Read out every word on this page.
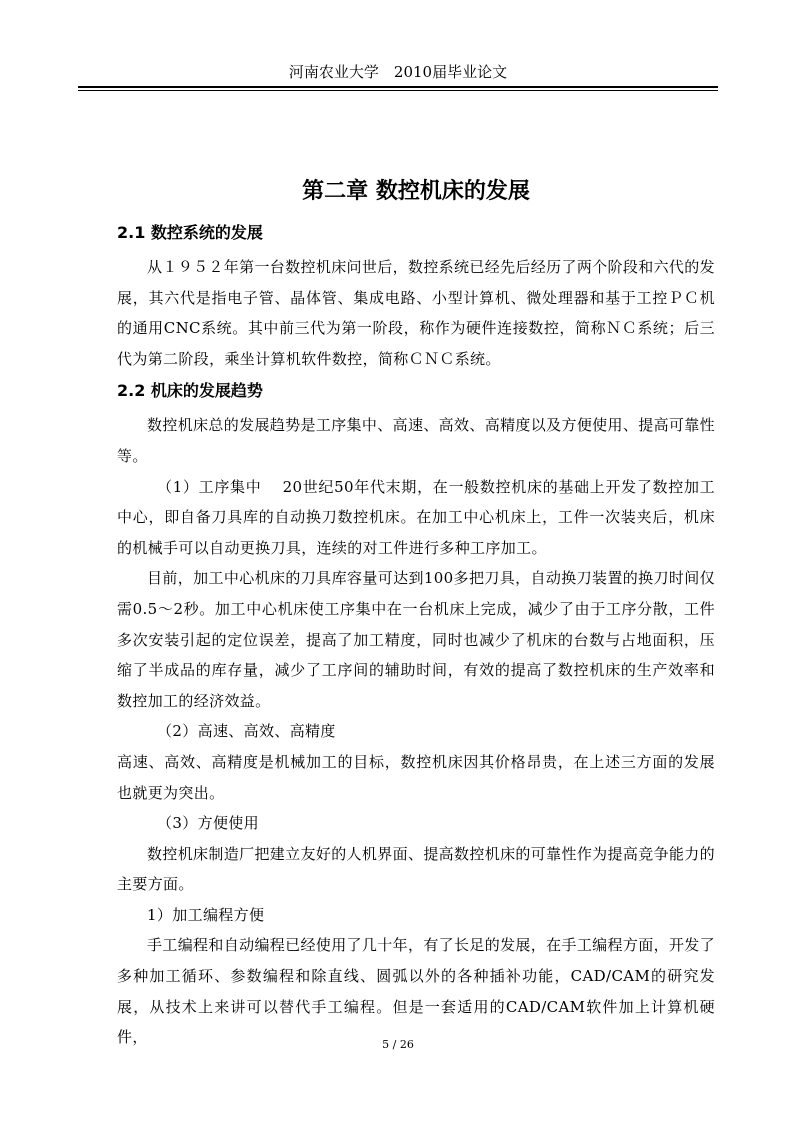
河南农业大学　2010届毕业论文
第二章 数控机床的发展
2.1 数控系统的发展

从１９５２年第一台数控机床问世后，数控系统已经先后经历了两个阶段和六代的发展，其六代是指电子管、晶体管、集成电路、小型计算机、微处理器和基于工控ＰＣ机的通用CNC系统。其中前三代为第一阶段，称作为硬件连接数控，简称ＮＣ系统；后三代为第二阶段，乘坐计算机软件数控，简称ＣＮＣ系统。

2.2 机床的发展趋势

数控机床总的发展趋势是工序集中、高速、高效、高精度以及方便使用、提高可靠性等。

（1）工序集中　 20世纪50年代末期，在一般数控机床的基础上开发了数控加工中心，即自备刀具库的自动换刀数控机床。在加工中心机床上，工件一次装夹后，机床的机械手可以自动更换刀具，连续的对工件进行多种工序加工。

目前，加工中心机床的刀具库容量可达到100多把刀具，自动换刀装置的换刀时间仅需0.5～2秒。加工中心机床使工序集中在一台机床上完成，减少了由于工序分散，工件多次安装引起的定位误差，提高了加工精度，同时也减少了机床的台数与占地面积，压缩了半成品的库存量，减少了工序间的辅助时间，有效的提高了数控机床的生产效率和数控加工的经济效益。

（2）高速、高效、高精度

高速、高效、高精度是机械加工的目标，数控机床因其价格昂贵，在上述三方面的发展也就更为突出。

（3）方便使用

数控机床制造厂把建立友好的人机界面、提高数控机床的可靠性作为提高竞争能力的主要方面。

1）加工编程方便

手工编程和自动编程已经使用了几十年，有了长足的发展，在手工编程方面，开发了多种加工循环、参数编程和除直线、圆弧以外的各种插补功能，CAD/CAM的研究发展，从技术上来讲可以替代手工编程。但是一套适用的CAD/CAM软件加上计算机硬件，	5 / 26
